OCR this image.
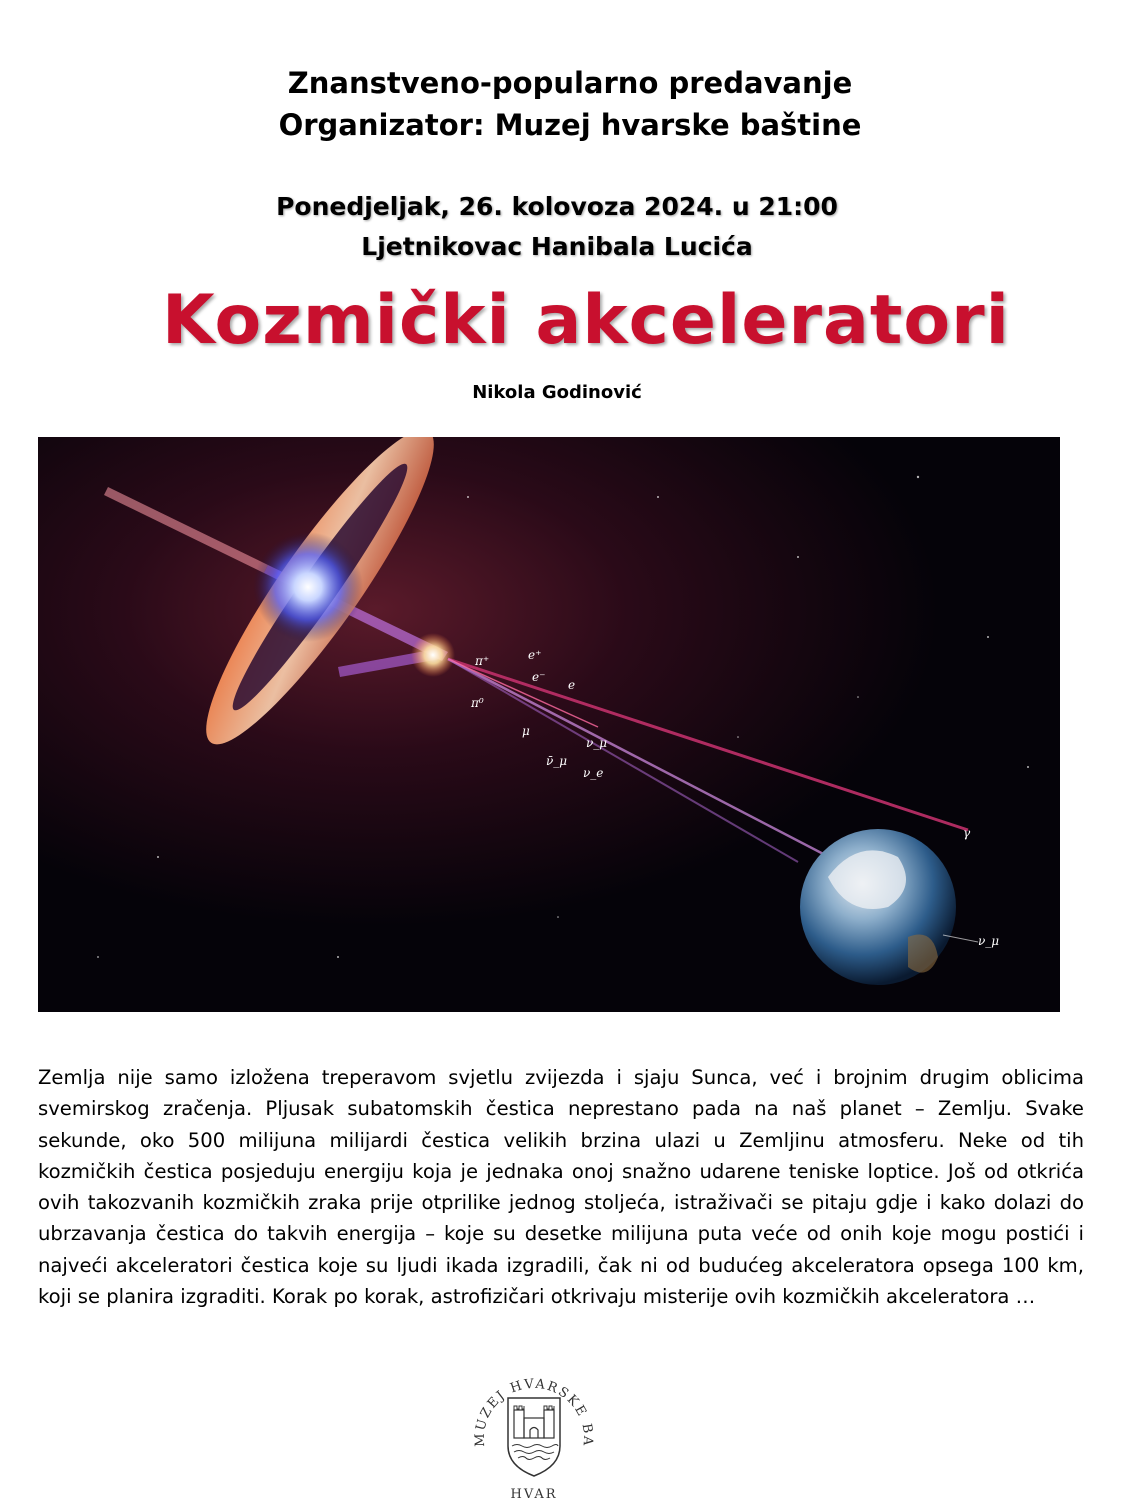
Znanstveno-popularno predavanje
Organizator: Muzej hvarske baštine
Ponedjeljak, 26. kolovoza 2024. u 21:00
Ljetnikovac Hanibala Lucića
Kozmički akceleratori
Nikola Godinović
π⁺
π⁰
e⁺
e⁻
e
μ
ν_μ
ν̄_μ
ν_e
γ
ν_μ

Zemlja nije samo izložena treperavom svjetlu zvijezda i sjaju Sunca, već i brojnim drugim oblicima svemirskog zračenja. Pljusak subatomskih čestica neprestano pada na naš planet – Zemlju. Svake sekunde, oko 500 milijuna milijardi čestica velikih brzina ulazi u Zemljinu atmosferu. Neke od tih kozmičkih čestica posjeduju energiju koja je jednaka onoj snažno udarene teniske loptice. Još od otkrića ovih takozvanih kozmičkih zraka prije otprilike jednog stoljeća, istraživači se pitaju gdje i kako dolazi do ubrzavanja čestica do takvih energija – koje su desetke milijuna puta veće od onih koje mogu postići i najveći akceleratori čestica koje su ljudi ikada izgradili, čak ni od budućeg akceleratora opsega 100 km, koji se planira izgraditi. Korak po korak, astrofizičari otkrivaju misterije ovih kozmičkih akceleratora …

MUZEJ HVARSKE BA
HVAR
